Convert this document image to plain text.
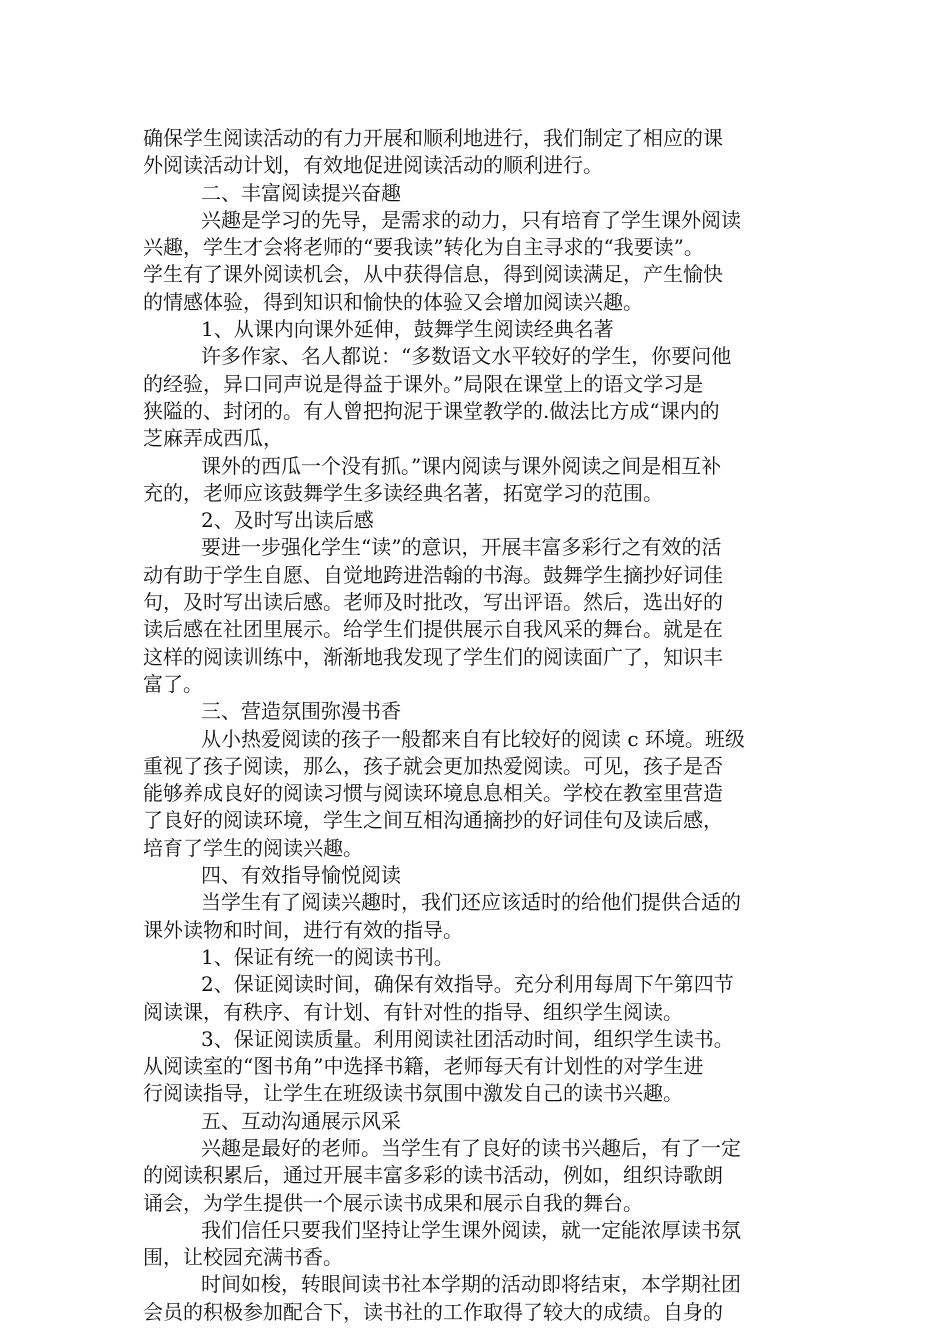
确保学生阅读活动的有力开展和顺利地进行，我们制定了相应的课
外阅读活动计划，有效地促进阅读活动的顺利进行。
二、丰富阅读提兴奋趣
兴趣是学习的先导，是需求的动力，只有培育了学生课外阅读
兴趣，学生才会将老师的“要我读”转化为自主寻求的“我要读”。
学生有了课外阅读机会，从中获得信息，得到阅读满足，产生愉快
的情感体验，得到知识和愉快的体验又会增加阅读兴趣。
1、从课内向课外延伸，鼓舞学生阅读经典名著
许多作家、名人都说：“多数语文水平较好的学生，你要问他
的经验，异口同声说是得益于课外。”局限在课堂上的语文学习是
狭隘的、封闭的。有人曾把拘泥于课堂教学的.做法比方成“课内的
芝麻弄成西瓜，
课外的西瓜一个没有抓。”课内阅读与课外阅读之间是相互补
充的，老师应该鼓舞学生多读经典名著，拓宽学习的范围。
2、及时写出读后感
要进一步强化学生“读”的意识，开展丰富多彩行之有效的活
动有助于学生自愿、自觉地跨进浩翰的书海。鼓舞学生摘抄好词佳
句，及时写出读后感。老师及时批改，写出评语。然后，选出好的
读后感在社团里展示。给学生们提供展示自我风采的舞台。就是在
这样的阅读训练中，渐渐地我发现了学生们的阅读面广了，知识丰
富了。
三、营造氛围弥漫书香
从小热爱阅读的孩子一般都来自有比较好的阅读 c 环境。班级
重视了孩子阅读，那么，孩子就会更加热爱阅读。可见，孩子是否
能够养成良好的阅读习惯与阅读环境息息相关。学校在教室里营造
了良好的阅读环境，学生之间互相沟通摘抄的好词佳句及读后感，
培育了学生的阅读兴趣。
四、有效指导愉悦阅读
当学生有了阅读兴趣时，我们还应该适时的给他们提供合适的
课外读物和时间，进行有效的指导。
1、保证有统一的阅读书刊。
2、保证阅读时间，确保有效指导。充分利用每周下午第四节
阅读课，有秩序、有计划、有针对性的指导、组织学生阅读。
3、保证阅读质量。利用阅读社团活动时间，组织学生读书。
从阅读室的“图书角”中选择书籍，老师每天有计划性的对学生进
行阅读指导，让学生在班级读书氛围中激发自己的读书兴趣。
五、互动沟通展示风采
兴趣是最好的老师。当学生有了良好的读书兴趣后，有了一定
的阅读积累后，通过开展丰富多彩的读书活动，例如，组织诗歌朗
诵会，为学生提供一个展示读书成果和展示自我的舞台。
我们信任只要我们坚持让学生课外阅读，就一定能浓厚读书氛
围，让校园充满书香。
时间如梭，转眼间读书社本学期的活动即将结束，本学期社团
会员的积极参加配合下，读书社的工作取得了较大的成绩。自身的
